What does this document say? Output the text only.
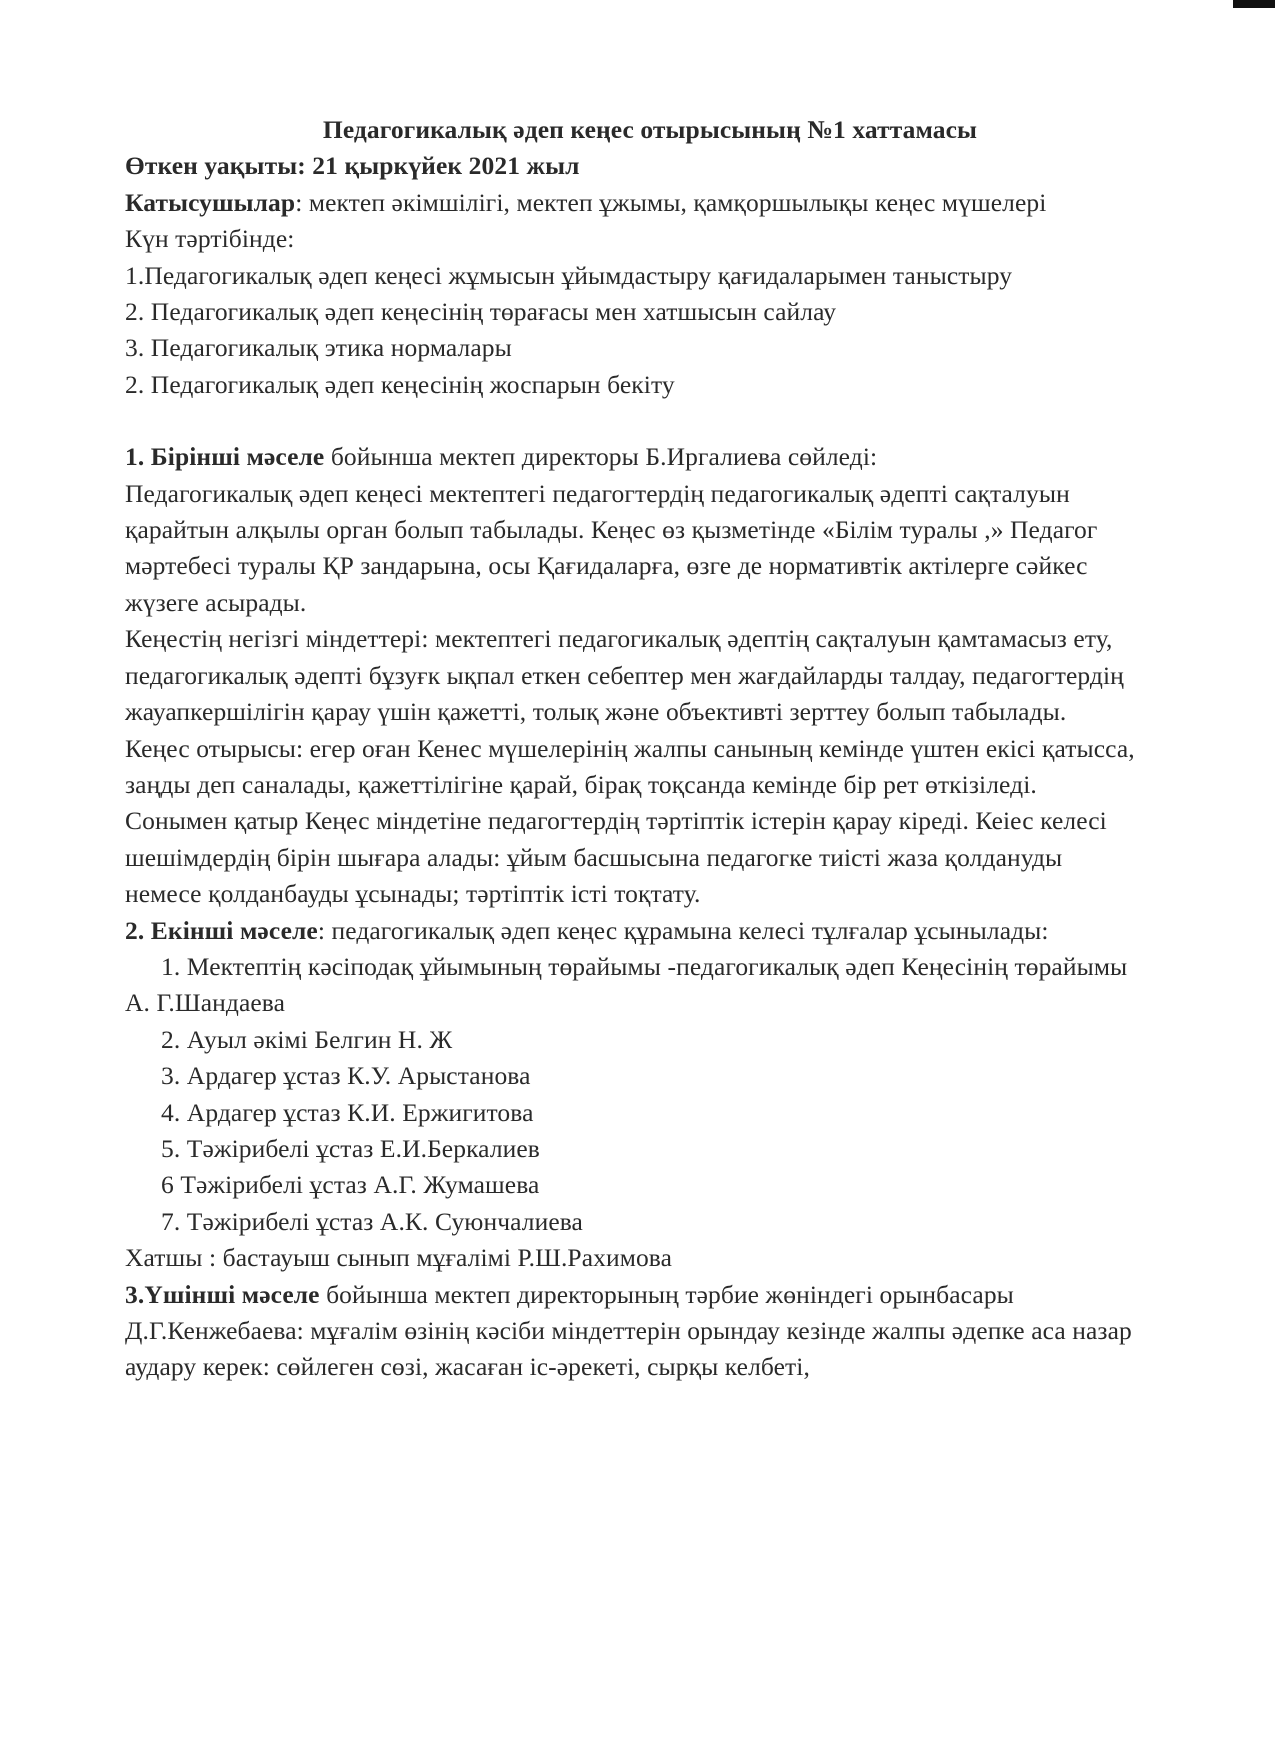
Педагогикалық әдеп кеңес отырысының №1 хаттамасы

Өткен уақыты: 21 қыркүйек 2021 жыл

Катысушылар: мектеп әкімшілігі, мектеп ұжымы, қамқоршылықы кеңес мүшелері

Күн тәртібінде:

1.Педагогикалық әдеп кеңесі жұмысын ұйымдастыру қағидаларымен таныстыру

2. Педагогикалық әдеп кеңесінің төрағасы мен хатшысын сайлау

3. Педагогикалық этика нормалары

2. Педагогикалық әдеп кеңесінің жоспарын бекіту

1. Бірінші мәселе бойынша мектеп директоры Б.Иргалиева сөйледі:

Педагогикалық әдеп кеңесі мектептегі педагогтердің педагогикалық әдепті сақталуын қарайтын алқылы орган болып табылады. Кеңес өз қызметінде «Білім туралы ,» Педагог мәртебесі туралы ҚР зандарына, осы Қағидаларға, өзге де нормативтік актілерге сәйкес жүзеге асырады.

Кеңестің негізгі міндеттері: мектептегі педагогикалық әдептің сақталуын қамтамасыз ету, педагогикалық әдепті бұзуғк ықпал еткен себептер мен жағдайларды талдау, педагогтердің жауапкершілігін қарау үшін қажетті, толық және объективті зерттеу болып табылады.

Кеңес отырысы: егер оған Кенес мүшелерінің жалпы санының кемінде үштен екісі қатысса, заңды деп саналады, қажеттілігіне қарай, бірақ тоқсанда кемінде бір рет өткізіледі. Сонымен қатыр Кеңес міндетіне педагогтердің тәртіптік істерін қарау кіреді. Кеіес келесі шешімдердің бірін шығара алады: ұйым басшысына педагогке тиісті жаза қолдануды немесе қолданбауды ұсынады; тәртіптік істі тоқтату.

2. Екінші мәселе: педагогикалық әдеп кеңес құрамына келесі тұлғалар ұсынылады:

1. Мектептің кәсіподақ ұйымының төрайымы -педагогикалық әдеп Кеңесінің төрайымы А. Г.Шандаева

2. Ауыл әкімі Белгин Н. Ж

3. Ардагер ұстаз К.У. Арыстанова

4. Ардагер ұстаз К.И. Ержигитова

5. Тәжірибелі ұстаз Е.И.Беркалиев

6 Тәжірибелі ұстаз А.Г. Жумашева

7. Тәжірибелі ұстаз А.К. Суюнчалиева

Хатшы : бастауыш сынып мұғалімі Р.Ш.Рахимова

3.Үшінші мәселе бойынша мектеп директорының тәрбие жөніндегі орынбасары Д.Г.Кенжебаева: мұғалім өзінің кәсіби міндеттерін орындау кезінде жалпы әдепке аса назар аудару керек: сөйлеген сөзі, жасаған іс-әрекеті, сырқы келбеті,
